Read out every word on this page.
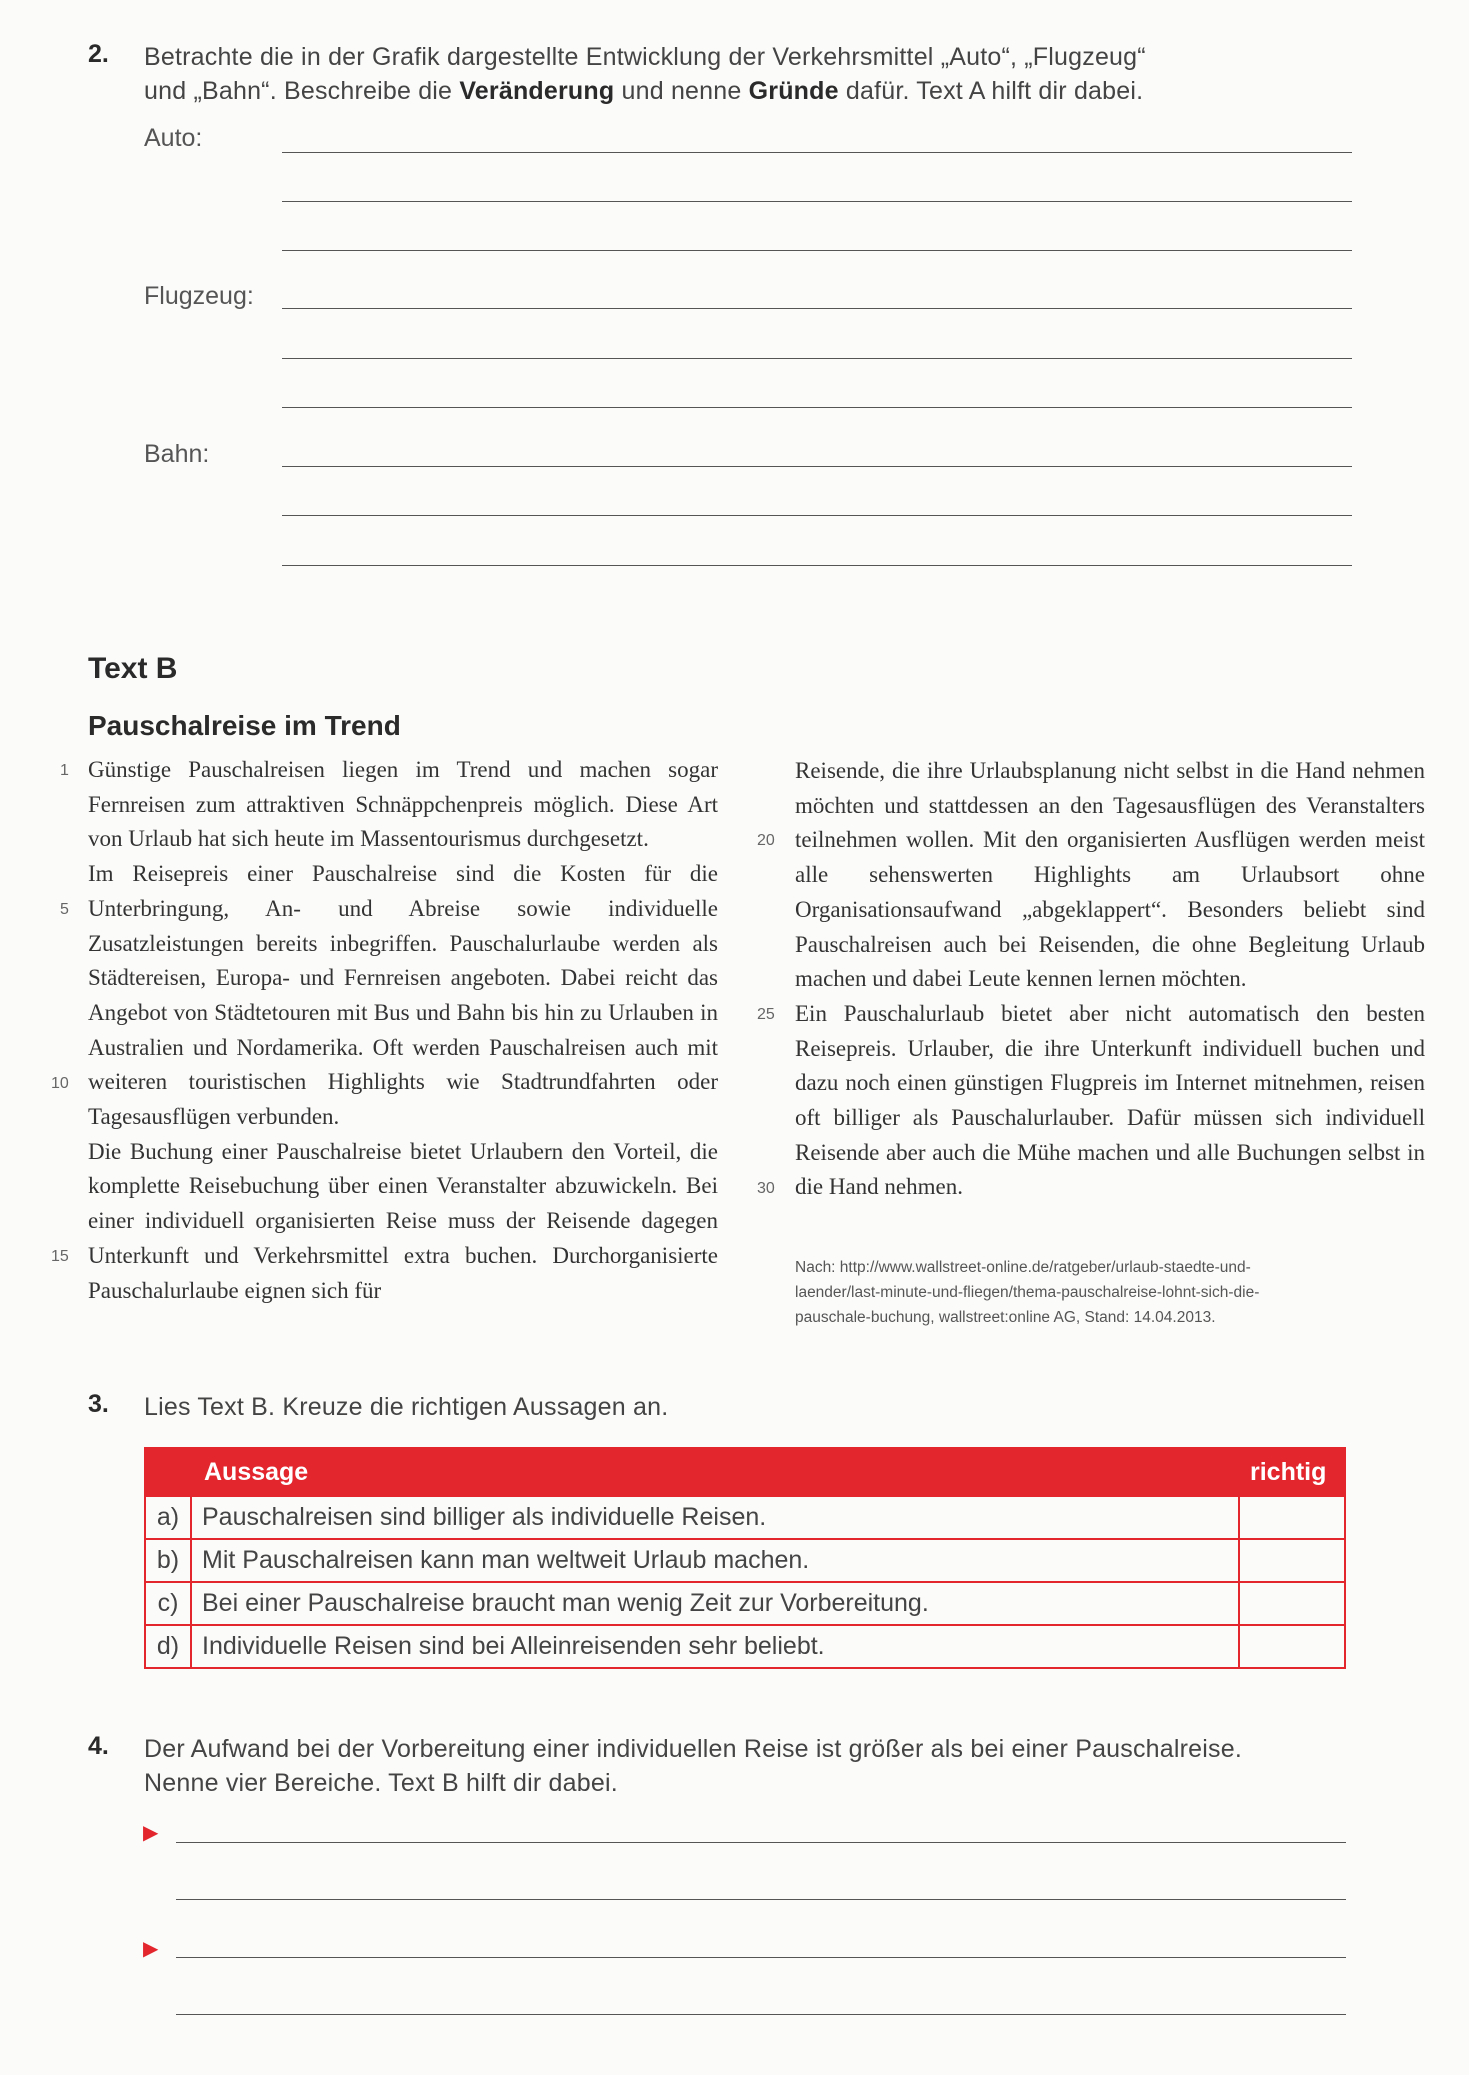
2. Betrachte die in der Grafik dargestellte Entwicklung der Verkehrsmittel „Auto“, „Flugzeug“
und „Bahn“. Beschreibe die Veränderung und nenne Gründe dafür. Text A hilft dir dabei.
Auto:
Flugzeug:
Bahn:
Text B
Pauschalreise im Trend
1
5
10
15
20
25
30

Günstige Pauschalreisen liegen im Trend und machen sogar Fernreisen zum attraktiven Schnäppchenpreis möglich. Diese Art von Urlaub hat sich heute im Massentourismus durchgesetzt.

Im Reisepreis einer Pauschalreise sind die Kosten für die Unterbringung, An- und Abreise sowie individuelle Zusatzleistungen bereits inbegriffen. Pauschalurlaube werden als Städtereisen, Europa- und Fernreisen angeboten. Dabei reicht das Angebot von Städtetouren mit Bus und Bahn bis hin zu Urlauben in Australien und Nordamerika. Oft werden Pauschalreisen auch mit weiteren touristischen Highlights wie Stadtrundfahrten oder Tagesausflügen verbunden.

Die Buchung einer Pauschalreise bietet Urlaubern den Vorteil, die komplette Reisebuchung über einen Veranstalter abzuwickeln. Bei einer individuell organisierten Reise muss der Reisende dagegen Unterkunft und Verkehrsmittel extra buchen. Durchorganisierte Pauschalurlaube eignen sich für

Reisende, die ihre Urlaubsplanung nicht selbst in die Hand nehmen möchten und stattdessen an den Tagesausflügen des Veranstalters teilnehmen wollen. Mit den organisierten Ausflügen werden meist alle sehenswerten Highlights am Urlaubsort ohne Organisationsaufwand „abgeklappert“. Besonders beliebt sind Pauschalreisen auch bei Reisenden, die ohne Begleitung Urlaub machen und dabei Leute kennen lernen möchten.

Ein Pauschalurlaub bietet aber nicht automatisch den besten Reisepreis. Urlauber, die ihre Unterkunft individuell buchen und dazu noch einen günstigen Flugpreis im Internet mitnehmen, reisen oft billiger als Pauschalurlauber. Dafür müssen sich individuell Reisende aber auch die Mühe machen und alle Buchungen selbst in die Hand nehmen.

Nach: http://www.wallstreet-online.de/ratgeber/urlaub-staedte-und-
laender/last-minute-und-fliegen/thema-pauschalreise-lohnt-sich-die-
pauschale-buchung, wallstreet:online AG, Stand: 14.04.2013.
3. Lies Text B. Kreuze die richtigen Aussagen an.
Aussage		richtig
a)	Pauschalreisen sind billiger als individuelle Reisen.	
b)	Mit Pauschalreisen kann man weltweit Urlaub machen.	
c)	Bei einer Pauschalreise braucht man wenig Zeit zur Vorbereitung.	
d)	Individuelle Reisen sind bei Alleinreisenden sehr beliebt.	
4. Der Aufwand bei der Vorbereitung einer individuellen Reise ist größer als bei einer Pauschalreise.
Nenne vier Bereiche. Text B hilft dir dabei.
▶
▶
